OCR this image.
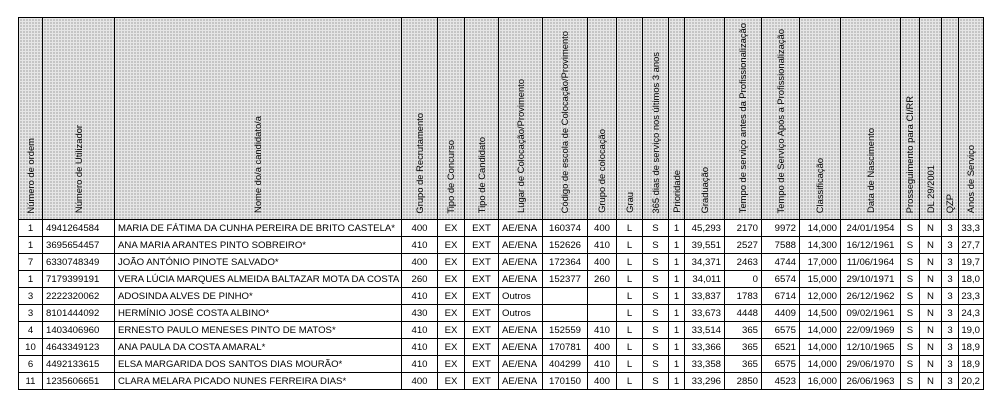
Número de ordem	Número de Utilizador	Nome do/a candidato/a	Grupo de Recrutamento	Tipo de Concurso	Tipo de Candidato	Lugar de Colocação/Provimento	Código de escola de Colocação/Provimento	Grupo de colocação	Grau	365 dias de serviço nos últimos 3 anos	Prioridade	Graduação	Tempo de serviço antes da Profissionalização	Tempo de Serviço Após a Profissionalização	Classificação	Data de Nascimento	Prosseguimento para CI/RR	DL 29/2001	QZP	Anos de Serviço

1	4941264584	MARIA DE FÁTIMA DA CUNHA PEREIRA DE BRITO CASTELA*	400	EX	EXT	AE/ENA	160374	400	L	S	1	45,293	2170	9972	14,000	24/01/1954	S	N	3	33,3
1	3695654457	ANA MARIA ARANTES PINTO SOBREIRO*	410	EX	EXT	AE/ENA	152626	410	L	S	1	39,551	2527	7588	14,300	16/12/1961	S	N	3	27,7
7	6330748349	JOÃO ANTÓNIO PINOTE SALVADO*	400	EX	EXT	AE/ENA	172364	400	L	S	1	34,371	2463	4744	17,000	11/06/1964	S	N	3	19,7
1	7179399191	VERA LÚCIA MARQUES ALMEIDA BALTAZAR MOTA DA COSTA	260	EX	EXT	AE/ENA	152377	260	L	S	1	34,011	0	6574	15,000	29/10/1971	S	N	3	18,0
3	2222320062	ADOSINDA ALVES DE PINHO*	410	EX	EXT	Outros			L	S	1	33,837	1783	6714	12,000	26/12/1962	S	N	3	23,3
3	8101444092	HERMÍNIO JOSÉ COSTA ALBINO*	430	EX	EXT	Outros			L	S	1	33,673	4448	4409	14,500	09/02/1961	S	N	3	24,3
4	1403406960	ERNESTO PAULO MENESES PINTO DE MATOS*	410	EX	EXT	AE/ENA	152559	410	L	S	1	33,514	365	6575	14,000	22/09/1969	S	N	3	19,0
10	4643349123	ANA PAULA DA COSTA AMARAL*	410	EX	EXT	AE/ENA	170781	400	L	S	1	33,366	365	6521	14,000	12/10/1965	S	N	3	18,9
6	4492133615	ELSA MARGARIDA DOS SANTOS DIAS MOURÃO*	410	EX	EXT	AE/ENA	404299	410	L	S	1	33,358	365	6575	14,000	29/06/1970	S	N	3	18,9
11	1235606651	CLARA MELARA PICADO NUNES FERREIRA DIAS*	400	EX	EXT	AE/ENA	170150	400	L	S	1	33,296	2850	4523	16,000	26/06/1963	S	N	3	20,2
